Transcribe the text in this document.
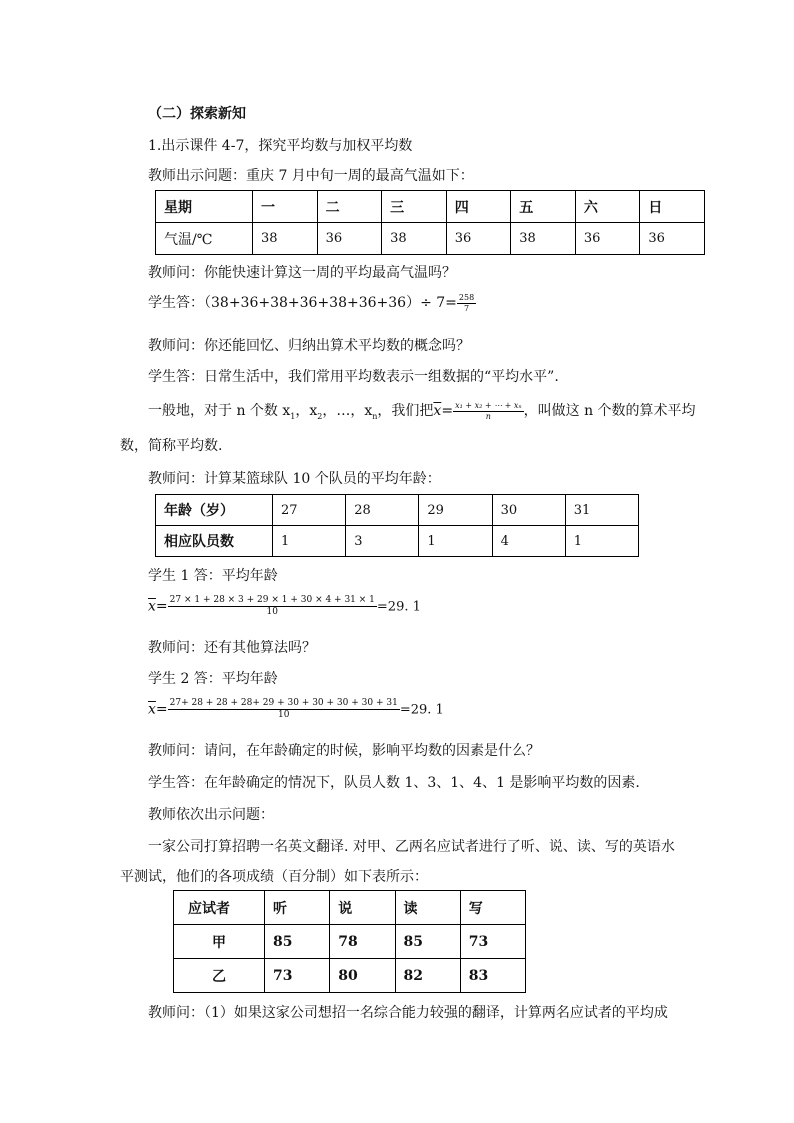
（二）探索新知
1.出示课件 4-7，探究平均数与加权平均数
教师出示问题：重庆 7 月中旬一周的最高气温如下：
星期	一	二	三	四	五	六	日
气温/℃	38	36	38	36	38	36	36
教师问：你能快速计算这一周的平均最高气温吗？
学生答：$(38+36+38+36+38+36+36)\div 7= \frac{258}{7}$
教师问：你还能回忆、归纳出算术平均数的概念吗？
学生答：日常生活中，我们常用平均数表示一组数据的“平均水平”.
一般地，对于 n 个数 $x_1$，$x_2$，…，$x_n$，我们把$\overline{x}= \frac{\text{x₁ + x₂ + ⋯ + xₙ}}{n}$ ，叫做这 n 个数的算术平均
数，简称平均数.
教师问：计算某篮球队 10 个队员的平均年龄：
年龄（岁）	27	28	29	30	31
相应队员数	1	3	1	4	1
学生 1 答：平均年龄
$\overline{x}= \frac{27 \times 1 + 28 \times 3 + 29 \times 1 + 30 \times 4 + 31 \times 1}{10} =29$. 1
教师问：还有其他算法吗？
学生 2 答：平均年龄
$\overline{x}= \frac{27+ 28 + 28 + 28+ 29 + 30 + 30 + 30 + 30 + 31}{10} =29$. 1
教师问：请问，在年龄确定的时候，影响平均数的因素是什么？
学生答：在年龄确定的情况下，队员人数 1、3、1、4、1 是影响平均数的因素.
教师依次出示问题：
一家公司打算招聘一名英文翻译. 对甲、乙两名应试者进行了听、说、读、写的英语水
平测试，他们的各项成绩（百分制）如下表所示：
应试者	听	说	读	写
甲	85	78	85	73
乙	73	80	82	83
教师问：（1）如果这家公司想招一名综合能力较强的翻译，计算两名应试者的平均成
